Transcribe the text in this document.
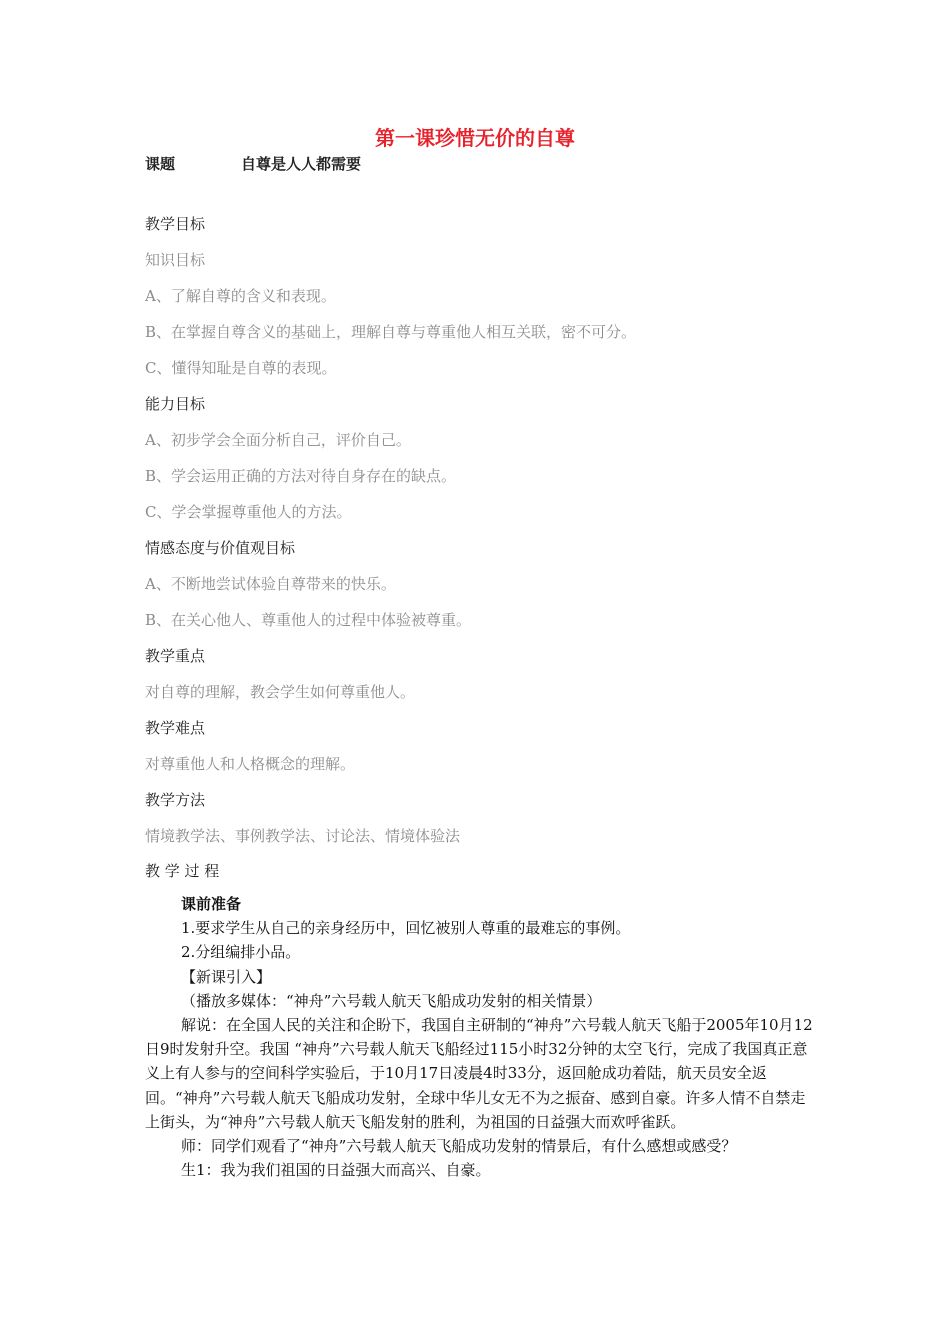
第一课珍惜无价的自尊
课题	自尊是人人都需要
教学目标
知识目标
A、了解自尊的含义和表现。
B、在掌握自尊含义的基础上，理解自尊与尊重他人相互关联，密不可分。
C、懂得知耻是自尊的表现。
能力目标
A、初步学会全面分析自己，评价自己。
B、学会运用正确的方法对待自身存在的缺点。
C、学会掌握尊重他人的方法。
情感态度与价值观目标
A、不断地尝试体验自尊带来的快乐。
B、在关心他人、尊重他人的过程中体验被尊重。
教学重点
对自尊的理解，教会学生如何尊重他人。
教学难点
对尊重他人和人格概念的理解。
教学方法
情境教学法、事例教学法、讨论法、情境体验法
教 学 过 程

课前准备

1.要求学生从自己的亲身经历中，回忆被别人尊重的最难忘的事例。

2.分组编排小品。

【新课引入】

（播放多媒体：“神舟”六号载人航天飞船成功发射的相关情景）

解说：在全国人民的关注和企盼下，我国自主研制的“神舟”六号载人航天飞船于2005年10月12日9时发射升空。我国 “神舟”六号载人航天飞船经过115小时32分钟的太空飞行，完成了我国真正意义上有人参与的空间科学实验后，于10月17日凌晨4时33分，返回舱成功着陆，航天员安全返回。“神舟”六号载人航天飞船成功发射，全球中华儿女无不为之振奋、感到自豪。许多人情不自禁走上街头，为“神舟”六号载人航天飞船发射的胜利，为祖国的日益强大而欢呼雀跃。

师：同学们观看了“神舟”六号载人航天飞船成功发射的情景后，有什么感想或感受？

生1：我为我们祖国的日益强大而高兴、自豪。
